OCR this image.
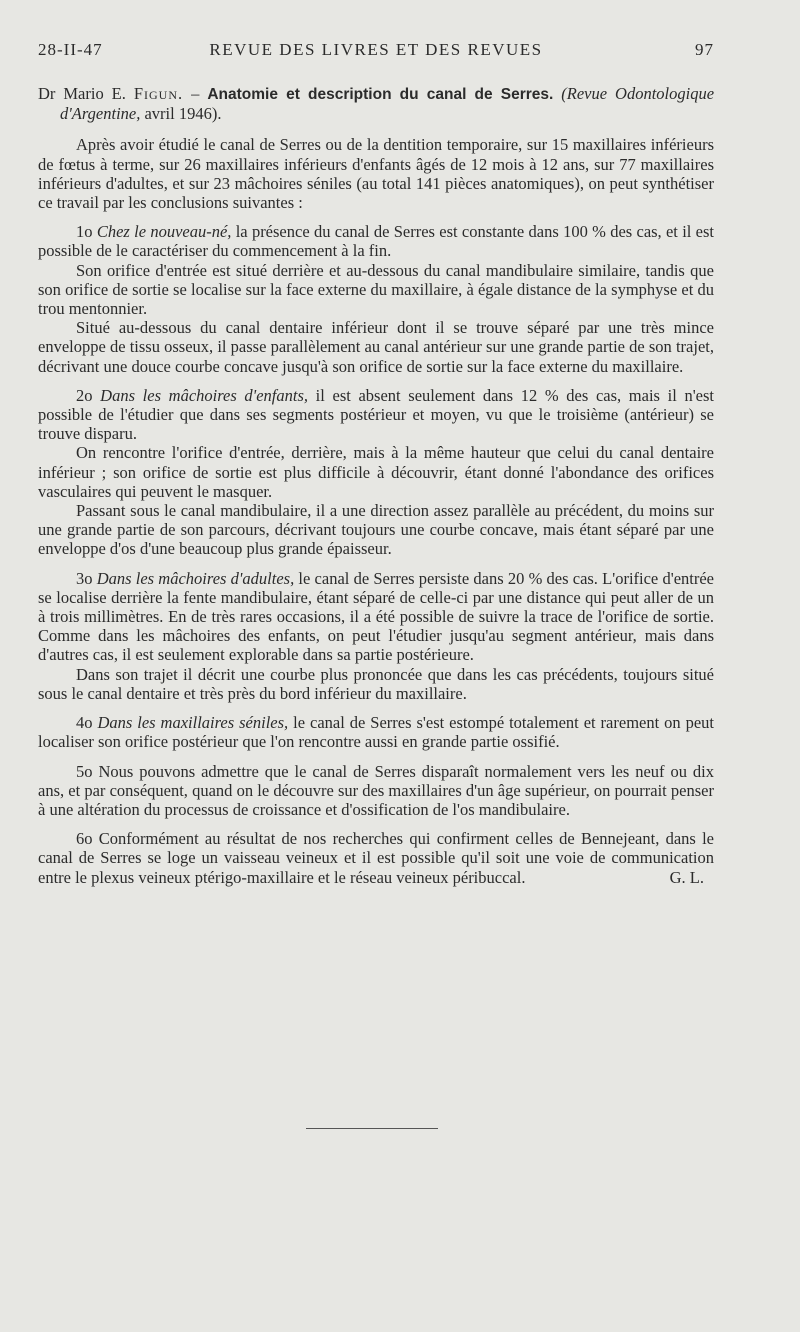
28-II-47	REVUE DES LIVRES ET DES REVUES	97

Dr Mario E. Figun. – Anatomie et description du canal de Serres. (Revue Odontologique d'Argentine, avril 1946).

Après avoir étudié le canal de Serres ou de la dentition temporaire, sur 15 maxillaires inférieurs de fœtus à terme, sur 26 maxillaires inférieurs d'enfants âgés de 12 mois à 12 ans, sur 77 maxillaires inférieurs d'adultes, et sur 23 mâchoires séniles (au total 141 pièces anatomiques), on peut synthétiser ce travail par les conclusions suivantes :

1o Chez le nouveau-né, la présence du canal de Serres est constante dans 100 % des cas, et il est possible de le caractériser du commencement à la fin.

Son orifice d'entrée est situé derrière et au-dessous du canal mandibulaire similaire, tandis que son orifice de sortie se localise sur la face externe du maxillaire, à égale distance de la symphyse et du trou mentonnier.

Situé au-dessous du canal dentaire inférieur dont il se trouve séparé par une très mince enveloppe de tissu osseux, il passe parallèlement au canal antérieur sur une grande partie de son trajet, décrivant une douce courbe concave jusqu'à son orifice de sortie sur la face externe du maxillaire.

2o Dans les mâchoires d'enfants, il est absent seulement dans 12 % des cas, mais il n'est possible de l'étudier que dans ses segments postérieur et moyen, vu que le troisième (antérieur) se trouve disparu.

On rencontre l'orifice d'entrée, derrière, mais à la même hauteur que celui du canal dentaire inférieur ; son orifice de sortie est plus difficile à découvrir, étant donné l'abondance des orifices vasculaires qui peuvent le masquer.

Passant sous le canal mandibulaire, il a une direction assez parallèle au précédent, du moins sur une grande partie de son parcours, décrivant toujours une courbe concave, mais étant séparé par une enveloppe d'os d'une beaucoup plus grande épaisseur.

3o Dans les mâchoires d'adultes, le canal de Serres persiste dans 20 % des cas. L'orifice d'entrée se localise derrière la fente mandibulaire, étant séparé de celle-ci par une distance qui peut aller de un à trois millimètres. En de très rares occasions, il a été possible de suivre la trace de l'orifice de sortie. Comme dans les mâchoires des enfants, on peut l'étudier jusqu'au segment antérieur, mais dans d'autres cas, il est seulement explorable dans sa partie postérieure.

Dans son trajet il décrit une courbe plus prononcée que dans les cas précédents, toujours situé sous le canal dentaire et très près du bord inférieur du maxillaire.

4o Dans les maxillaires séniles, le canal de Serres s'est estompé totalement et rarement on peut localiser son orifice postérieur que l'on rencontre aussi en grande partie ossifié.

5o Nous pouvons admettre que le canal de Serres disparaît normalement vers les neuf ou dix ans, et par conséquent, quand on le découvre sur des maxillaires d'un âge supérieur, on pourrait penser à une altération du processus de croissance et d'ossification de l'os mandibulaire.

6o Conformément au résultat de nos recherches qui confirment celles de Bennejeant, dans le canal de Serres se loge un vaisseau veineux et il est possible qu'il soit une voie de communication entre le plexus veineux ptérigo-maxillaire et le réseau veineux péribuccal.	G. L.
